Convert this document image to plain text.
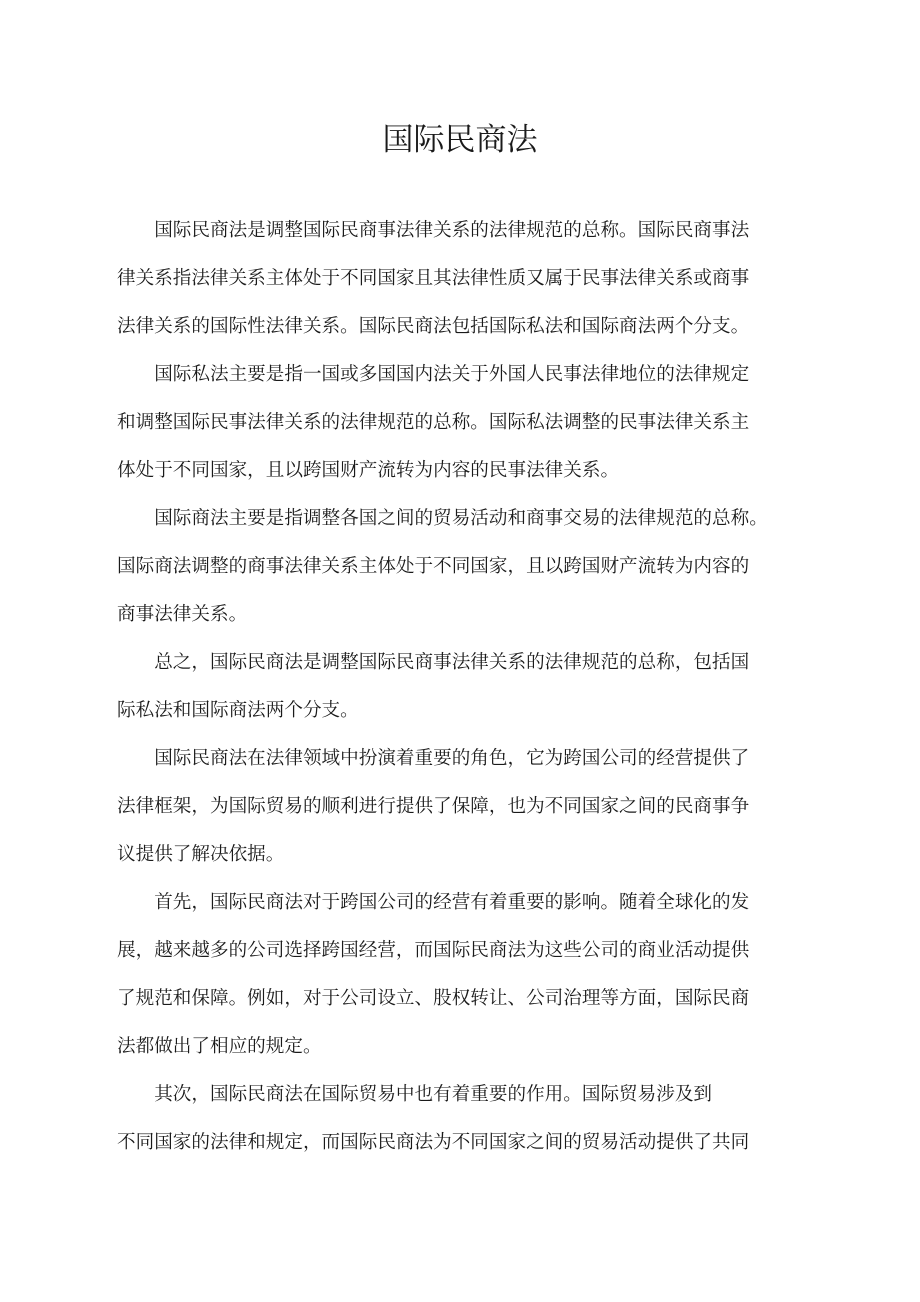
国际民商法

　　国际民商法是调整国际民商事法律关系的法律规范的总称。国际民商事法
律关系指法律关系主体处于不同国家且其法律性质又属于民事法律关系或商事
法律关系的国际性法律关系。国际民商法包括国际私法和国际商法两个分支。

　　国际私法主要是指一国或多国国内法关于外国人民事法律地位的法律规定
和调整国际民事法律关系的法律规范的总称。国际私法调整的民事法律关系主
体处于不同国家，且以跨国财产流转为内容的民事法律关系。

　　国际商法主要是指调整各国之间的贸易活动和商事交易的法律规范的总称。
国际商法调整的商事法律关系主体处于不同国家，且以跨国财产流转为内容的
商事法律关系。

　　总之，国际民商法是调整国际民商事法律关系的法律规范的总称，包括国
际私法和国际商法两个分支。

　　国际民商法在法律领域中扮演着重要的角色，它为跨国公司的经营提供了
法律框架，为国际贸易的顺利进行提供了保障，也为不同国家之间的民商事争
议提供了解决依据。

　　首先，国际民商法对于跨国公司的经营有着重要的影响。随着全球化的发
展，越来越多的公司选择跨国经营，而国际民商法为这些公司的商业活动提供
了规范和保障。例如，对于公司设立、股权转让、公司治理等方面，国际民商
法都做出了相应的规定。

　　其次，国际民商法在国际贸易中也有着重要的作用。国际贸易涉及到
不同国家的法律和规定，而国际民商法为不同国家之间的贸易活动提供了共同
